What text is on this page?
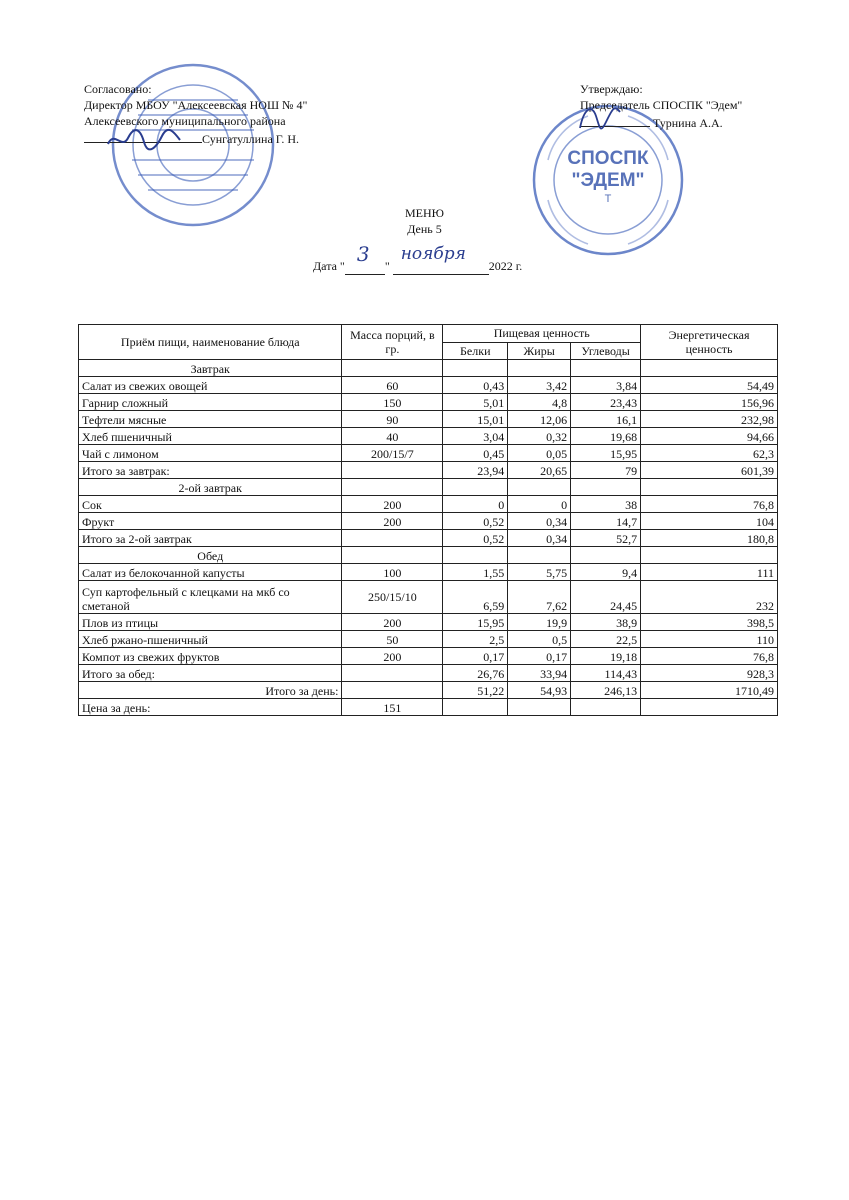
СПОСПК
"ЭДЕМ"
Т
Согласовано:
Директор МБОУ "Алексеевская НОШ № 4"
Алексеевского муниципального района
Сунгатуллина Г. Н.
Утверждаю:
Председатель СПОСПК "Эдем"
Турнина А.А.
МЕНЮ
День 5
Дата " 3 "
ноября
2022 г.
Приём пищи, наименование блюда	Масса порций, в гр.	Пищевая ценность			Энергетическая ценность
		Белки	Жиры	Углеводы	
Завтрак					
Салат из свежих овощей	60	0,43	3,42	3,84	54,49
Гарнир сложный	150	5,01	4,8	23,43	156,96
Тефтели мясные	90	15,01	12,06	16,1	232,98
Хлеб пшеничный	40	3,04	0,32	19,68	94,66
Чай с лимоном	200/15/7	0,45	0,05	15,95	62,3
Итого за завтрак:		23,94	20,65	79	601,39
2-ой завтрак					
Сок	200	0	0	38	76,8
Фрукт	200	0,52	0,34	14,7	104
Итого за 2-ой завтрак		0,52	0,34	52,7	180,8
Обед					
Салат из белокочанной капусты	100	1,55	5,75	9,4	111
Суп картофельный с клецками на мкб со сметаной	250/15/10	6,59	7,62	24,45	232
Плов из птицы	200	15,95	19,9	38,9	398,5
Хлеб ржано-пшеничный	50	2,5	0,5	22,5	110
Компот из свежих фруктов	200	0,17	0,17	19,18	76,8
Итого за обед:		26,76	33,94	114,43	928,3
Итого за день:		51,22	54,93	246,13	1710,49
Цена за день:	151				
